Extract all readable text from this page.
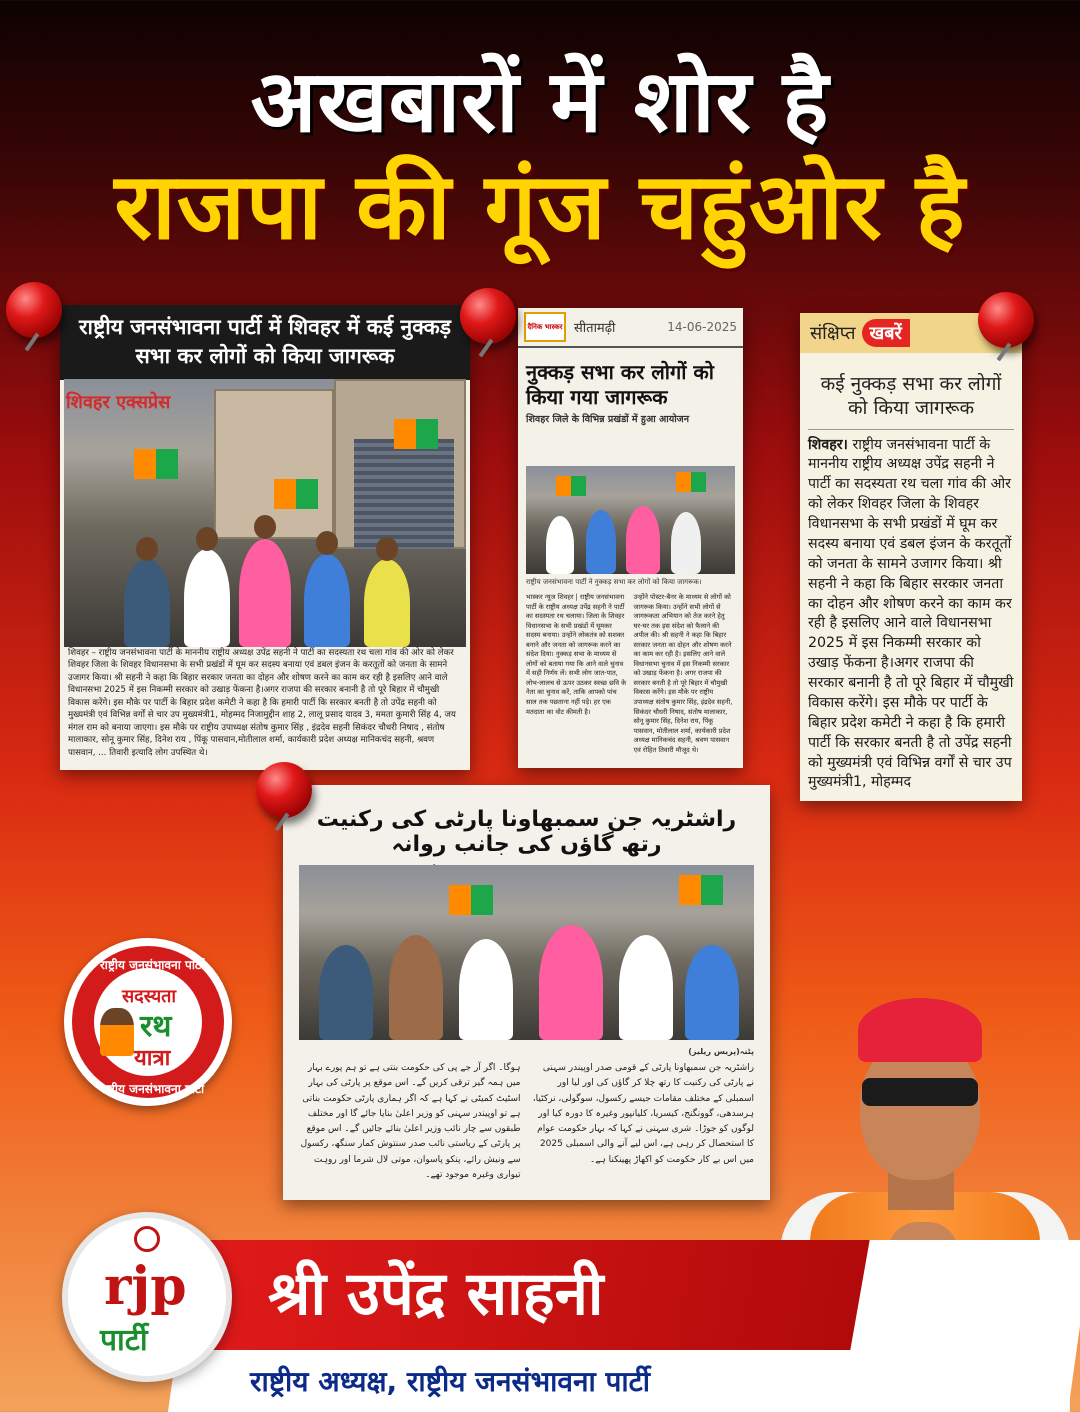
अखबारों में शोर है
राजपा की गूंज चहुंओर है
राष्ट्रीय जनसंभावना पार्टी में शिवहर में कई नुक्कड़ सभा कर लोगों को किया जागरूक
शिवहर एक्सप्रेस
शिवहर – राष्ट्रीय जनसंभावना पार्टी के माननीय राष्ट्रीय अध्यक्ष उपेंद्र सहनी ने पार्टी का सदस्यता रथ चला गांव की ओर को लेकर शिवहर जिला के शिवहर विधानसभा के सभी प्रखंडों में घूम कर सदस्य बनाया एवं डबल इंजन के करतूतों को जनता के सामने उजागर किया। श्री सहनी ने कहा कि बिहार सरकार जनता का दोहन और शोषण करने का काम कर रही है इसलिए आने वाले विधानसभा 2025 में इस निकम्मी सरकार को उखाड़ फेंकना है।अगर राजपा की सरकार बनानी है तो पूरे बिहार में चौमुखी विकास करेंगे। इस मौके पर पार्टी के बिहार प्रदेश कमेटी ने कहा है कि हमारी पार्टी कि सरकार बनती है तो उपेंद्र सहनी को मुख्यमंत्री एवं विभिन्न वर्गों से चार उप मुख्यमंत्री1, मोहम्मद निजामुद्दीन शाह 2, लालू प्रसाद यादव 3, ममता कुमारी सिंह 4, जय मंगल राम को बनाया जाएगा। इस मौके पर राष्ट्रीय उपाध्यक्ष संतोष कुमार सिंह , इंद्रदेव सहनी सिकंदर चौधरी निषाद , संतोष मालाकार, सोनू कुमार सिंह, दिनेश राय , पिंकू पासवान,मोतीलाल शर्मा, कार्यकारी प्रदेश अध्यक्ष मानिकचंद सहनी, श्रवण पासवान, ... तिवारी इत्यादि लोग उपस्थित थे।
दैनिक भास्कर सीतामढ़ी	14-06-2025
नुक्कड़ सभा कर लोगों को किया गया जागरूक
शिवहर जिले के विभिन्न प्रखंडों में हुआ आयोजन
राष्ट्रीय जनसंभावना पार्टी ने नुक्कड़ सभा कर लोगों को किया जागरूक।
भास्कर न्यूज शिवहर | राष्ट्रीय जनसंभावना पार्टी के राष्ट्रीय अध्यक्ष उपेंद्र सहनी ने पार्टी का सदस्यता रथ चलाया। जिला के शिवहर विधानसभा के सभी प्रखंडों में घूमकर सदस्य बनाया। उन्होंने लोकतंत्र को सशक्त बनाने और जनता को जागरूक करने का संदेश दिया। नुक्कड़ सभा के माध्यम से लोगों को बताया गया कि आने वाले चुनाव में सही निर्णय लें। सभी लोग जात-पात, लोभ-लालच से ऊपर उठकर स्वच्छ छवि के नेता का चुनाव करें, ताकि आपको पांच साल तक पछताना नहीं पड़े। हर एक मतदाता का वोट कीमती है।
उन्होंने पोस्टर-बैनर के माध्यम से लोगों को जागरूक किया। उन्होंने सभी लोगों से जागरूकता अभियान को तेज करने हेतु घर-घर तक इस संदेश को फैलाने की अपील की। श्री सहनी ने कहा कि बिहार सरकार जनता का दोहन और शोषण करने का काम कर रही है। इसलिए आने वाले विधानसभा चुनाव में इस निकम्मी सरकार को उखाड़ फेंकना है। अगर राजपा की सरकार बनती है तो पूरे बिहार में चौमुखी विकास करेंगे। इस मौके पर राष्ट्रीय उपाध्यक्ष संतोष कुमार सिंह, इंद्रदेव सहनी, सिकंदर चौधरी निषाद, संतोष मालाकार, सोनू कुमार सिंह, दिनेश राय, पिंकू पासवान, मोतीलाल शर्मा, कार्यकारी प्रदेश अध्यक्ष मानिकचंद सहनी, श्रवण पासवान एवं रोहित तिवारी मौजूद थे।
संक्षिप्त खबरें
कई नुक्कड़ सभा कर लोगों को किया जागरूक
शिवहर। राष्ट्रीय जनसंभावना पार्टी के माननीय राष्ट्रीय अध्यक्ष उपेंद्र सहनी ने पार्टी का सदस्यता रथ चला गांव की ओर को लेकर शिवहर जिला के शिवहर विधानसभा के सभी प्रखंडों में घूम कर सदस्य बनाया एवं डबल इंजन के करतूतों को जनता के सामने उजागर किया। श्री सहनी ने कहा कि बिहार सरकार जनता का दोहन और शोषण करने का काम कर रही है इसलिए आने वाले विधानसभा 2025 में इस निकम्मी सरकार को उखाड़ फेंकना है।अगर राजपा की सरकार बनानी है तो पूरे बिहार में चौमुखी विकास करेंगे। इस मौके पर पार्टी के बिहार प्रदेश कमेटी ने कहा है कि हमारी पार्टी कि सरकार बनती है तो उपेंद्र सहनी को मुख्यमंत्री एवं विभिन्न वर्गों से चार उप मुख्यमंत्री1, मोहम्मद
راشٹریہ جن سمبھاونا پارٹی کی رکنیت رتھ گاؤں کی جانب روانہ
پٹنہ(پریس ریلیز)
راشٹریہ جن سمبھاونا پارٹی کے قومی صدر اوپیندر سہنی نے پارٹی کی رکنیت کا رتھ چلا کر گاؤں کی اور لیا اور اسمبلی کے مختلف مقامات جیسے رکسول، سوگولی، نرکٹیا، ہرسدھی، گوونگنج، کیسریا، کلیانپور وغیرہ کا دورہ کیا اور لوگوں کو جوڑا۔ شری سہنی نے کہا کہ بہار حکومت عوام کا استحصال کر رہی ہے، اس لیے آنے والی اسمبلی 2025 میں اس بے کار حکومت کو اکھاڑ پھینکنا ہے۔
ہوگا۔ اگر آر جے پی کی حکومت بنتی ہے تو ہم پورے بہار میں ہمہ گیر ترقی کریں گے۔ اس موقع پر پارٹی کی بہار اسٹیٹ کمیٹی نے کہا ہے کہ اگر ہماری پارٹی حکومت بناتی ہے تو اوپیندر سہنی کو وزیر اعلیٰ بنایا جائے گا اور مختلف طبقوں سے چار نائب وزیر اعلیٰ بنائے جائیں گے۔ اس موقع پر پارٹی کے ریاستی نائب صدر سنتوش کمار سنگھ، رکسول سے ونیش رائے، پنکو پاسوان، موتی لال شرما اور روہت تیواری وغیرہ موجود تھے۔
राष्ट्रीय जनसंभावना पार्टी
सदस्यता
रथ
यात्रा
राष्ट्रीय जनसंभावना पार्टी
श्री उपेंद्र साहनी
राष्ट्रीय अध्यक्ष, राष्ट्रीय जनसंभावना पार्टी
rjp
पार्टी
